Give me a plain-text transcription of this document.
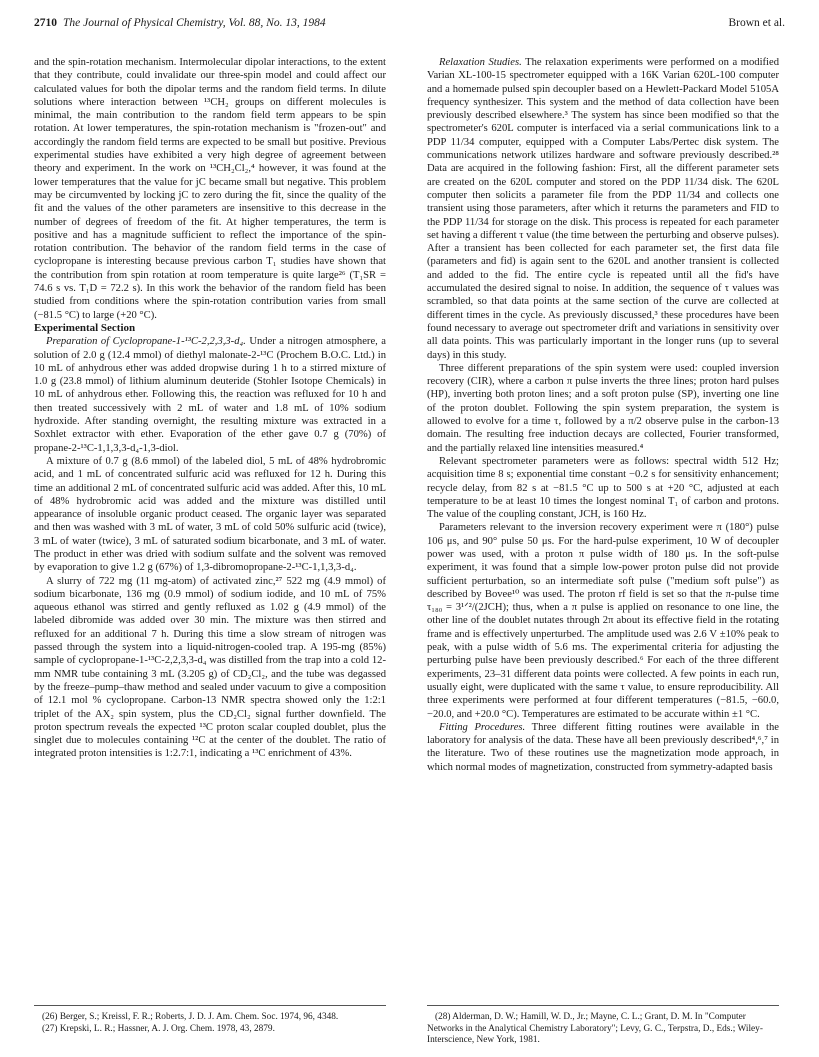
2710 The Journal of Physical Chemistry, Vol. 88, No. 13, 1984	Brown et al.

and the spin-rotation mechanism. Intermolecular dipolar interactions, to the extent that they contribute, could invalidate our three-spin model and could affect our calculated values for both the dipolar terms and the random field terms. In dilute solutions where interaction between ¹³CH₂ groups on different molecules is minimal, the main contribution to the random field term appears to be spin rotation. At lower temperatures, the spin-rotation mechanism is "frozen-out" and accordingly the random field terms are expected to be small but positive. Previous experimental studies have exhibited a very high degree of agreement between theory and experiment. In the work on ¹³CH₂Cl₂,⁴ however, it was found at the lower temperatures that the value for jC became small but negative. This problem may be circumvented by locking jC to zero during the fit, since the quality of the fit and the values of the other parameters are insensitive to this decrease in the number of degrees of freedom of the fit. At higher temperatures, the term is positive and has a magnitude sufficient to reflect the importance of the spin-rotation contribution. The behavior of the random field terms in the case of cyclopropane is interesting because previous carbon T₁ studies have shown that the contribution from spin rotation at room temperature is quite large²⁶ (T₁SR = 74.6 s vs. T₁D = 72.2 s). In this work the behavior of the random field has been studied from conditions where the spin-rotation contribution varies from small (−81.5 °C) to large (+20 °C).

Experimental Section

Preparation of Cyclopropane-1-¹³C-2,2,3,3-d₄. Under a nitrogen atmosphere, a solution of 2.0 g (12.4 mmol) of diethyl malonate-2-¹³C (Prochem B.O.C. Ltd.) in 10 mL of anhydrous ether was added dropwise during 1 h to a stirred mixture of 1.0 g (23.8 mmol) of lithium aluminum deuteride (Stohler Isotope Chemicals) in 10 mL of anhydrous ether. Following this, the reaction was refluxed for 10 h and then treated successively with 2 mL of water and 1.8 mL of 10% sodium hydroxide. After standing overnight, the resulting mixture was extracted in a Soxhlet extractor with ether. Evaporation of the ether gave 0.7 g (70%) of propane-2-¹³C-1,1,3,3-d₄-1,3-diol.

A mixture of 0.7 g (8.6 mmol) of the labeled diol, 5 mL of 48% hydrobromic acid, and 1 mL of concentrated sulfuric acid was refluxed for 12 h. During this time an additional 2 mL of concentrated sulfuric acid was added. After this, 10 mL of 48% hydrobromic acid was added and the mixture was distilled until appearance of insoluble organic product ceased. The organic layer was separated and then was washed with 3 mL of water, 3 mL of cold 50% sulfuric acid (twice), 3 mL of water (twice), 3 mL of saturated sodium bicarbonate, and 3 mL of water. The product in ether was dried with sodium sulfate and the solvent was removed by evaporation to give 1.2 g (67%) of 1,3-dibromopropane-2-¹³C-1,1,3,3-d₄.

A slurry of 722 mg (11 mg-atom) of activated zinc,²⁷ 522 mg (4.9 mmol) of sodium bicarbonate, 136 mg (0.9 mmol) of sodium iodide, and 10 mL of 75% aqueous ethanol was stirred and gently refluxed as 1.02 g (4.9 mmol) of the labeled dibromide was added over 30 min. The mixture was then stirred and refluxed for an additional 7 h. During this time a slow stream of nitrogen was passed through the system into a liquid-nitrogen-cooled trap. A 195-mg (85%) sample of cyclopropane-1-¹³C-2,2,3,3-d₄ was distilled from the trap into a cold 12-mm NMR tube containing 3 mL (3.205 g) of CD₂Cl₂, and the tube was degassed by the freeze–pump–thaw method and sealed under vacuum to give a composition of 12.1 mol % cyclopropane. Carbon-13 NMR spectra showed only the 1:2:1 triplet of the AX₂ spin system, plus the CD₂Cl₂ signal further downfield. The proton spectrum reveals the expected ¹³C proton scalar coupled doublet, plus the singlet due to molecules containing ¹²C at the center of the doublet. The ratio of integrated proton intensities is 1:2.7:1, indicating a ¹³C enrichment of 43%.

Relaxation Studies. The relaxation experiments were performed on a modified Varian XL-100-15 spectrometer equipped with a 16K Varian 620L-100 computer and a homemade pulsed spin decoupler based on a Hewlett-Packard Model 5105A frequency synthesizer. This system and the method of data collection have been previously described elsewhere.³ The system has since been modified so that the spectrometer's 620L computer is interfaced via a serial communications link to a PDP 11/34 computer, equipped with a Computer Labs/Pertec disk system. The communications network utilizes hardware and software previously described.²⁸ Data are acquired in the following fashion: First, all the different parameter sets are created on the 620L computer and stored on the PDP 11/34 disk. The 620L computer then solicits a parameter file from the PDP 11/34 and collects one transient using those parameters, after which it returns the parameters and FID to the PDP 11/34 for storage on the disk. This process is repeated for each parameter set having a different τ value (the time between the perturbing and observe pulses). After a transient has been collected for each parameter set, the first data file (parameters and fid) is again sent to the 620L and another transient is collected and added to the fid. The entire cycle is repeated until all the fid's have accumulated the desired signal to noise. In addition, the sequence of τ values was scrambled, so that data points at the same section of the curve are collected at different times in the cycle. As previously discussed,³ these procedures have been found necessary to average out spectrometer drift and variations in sensitivity over all data points. This was particularly important in the longer runs (up to several days) in this study.

Three different preparations of the spin system were used: coupled inversion recovery (CIR), where a carbon π pulse inverts the three lines; proton hard pulses (HP), inverting both proton lines; and a soft proton pulse (SP), inverting one line of the proton doublet. Following the spin system preparation, the system is allowed to evolve for a time τ, followed by a π/2 observe pulse in the carbon-13 domain. The resulting free induction decays are collected, Fourier transformed, and the partially relaxed line intensities measured.⁴

Relevant spectrometer parameters were as follows: spectral width 512 Hz; acquisition time 8 s; exponential time constant −0.2 s for sensitivity enhancement; recycle delay, from 82 s at −81.5 °C up to 500 s at +20 °C, adjusted at each temperature to be at least 10 times the longest nominal T₁ of carbon and protons. The value of the coupling constant, JCH, is 160 Hz.

Parameters relevant to the inversion recovery experiment were π (180°) pulse 106 μs, and 90° pulse 50 μs. For the hard-pulse experiment, 10 W of decoupler power was used, with a proton π pulse width of 180 μs. In the soft-pulse experiment, it was found that a simple low-power proton pulse did not provide sufficient perturbation, so an intermediate soft pulse ("medium soft pulse") as described by Bovee¹⁰ was used. The proton rf field is set so that the π-pulse time τ₁₈₀ = 3¹ᐟ²/(2JCH); thus, when a π pulse is applied on resonance to one line, the other line of the doublet nutates through 2π about its effective field in the rotating frame and is effectively unperturbed. The amplitude used was 2.6 V ±10% peak to peak, with a pulse width of 5.6 ms. The experimental criteria for adjusting the perturbing pulse have been previously described.⁶ For each of the three different experiments, 23–31 different data points were collected. A few points in each run, usually eight, were duplicated with the same τ value, to ensure reproducibility. All three experiments were performed at four different temperatures (−81.5, −60.0, −20.0, and +20.0 °C). Temperatures are estimated to be accurate within ±1 °C.

Fitting Procedures. Three different fitting routines were available in the laboratory for analysis of the data. These have all been previously described⁴,⁶,⁷ in the literature. Two of these routines use the magnetization mode approach, in which normal modes of magnetization, constructed from symmetry-adapted basis

(26) Berger, S.; Kreissl, F. R.; Roberts, J. D. J. Am. Chem. Soc. 1974, 96, 4348.
(27) Krepski, L. R.; Hassner, A. J. Org. Chem. 1978, 43, 2879.
(28) Alderman, D. W.; Hamill, W. D., Jr.; Mayne, C. L.; Grant, D. M. In "Computer Networks in the Analytical Chemistry Laboratory"; Levy, G. C., Terpstra, D., Eds.; Wiley-Interscience, New York, 1981.
